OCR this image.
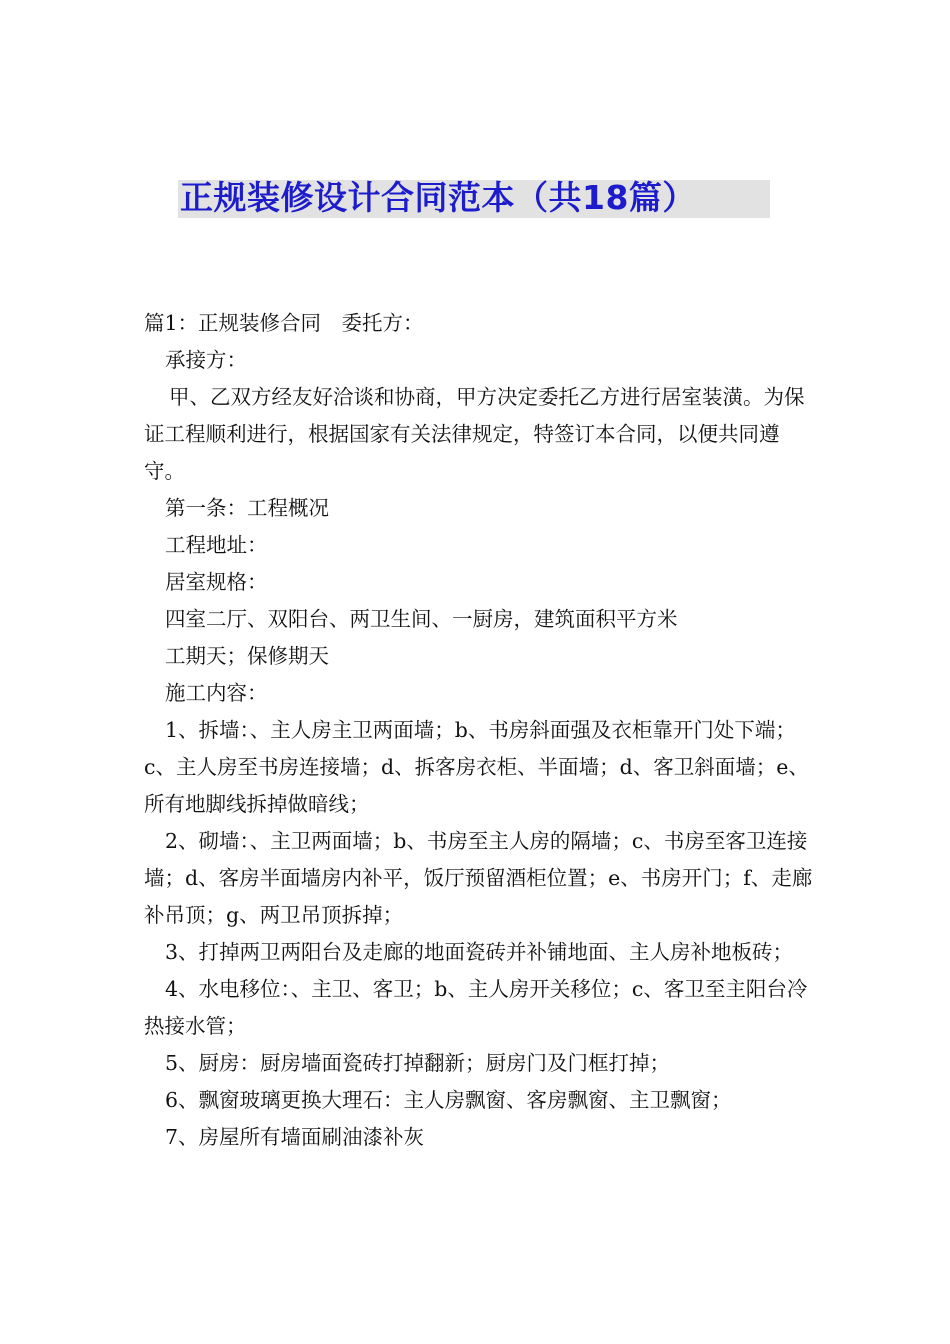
正规装修设计合同范本（共18篇）

篇1：正规装修合同　委托方：

承接方：

甲、乙双方经友好洽谈和协商，甲方决定委托乙方进行居室装潢。为保证工程顺利进行，根据国家有关法律规定，特签订本合同，以便共同遵守。

第一条：工程概况

工程地址：

居室规格：

四室二厅、双阳台、两卫生间、一厨房，建筑面积平方米

工期天；保修期天

施工内容：

1、拆墙：、主人房主卫两面墙；b、书房斜面强及衣柜靠开门处下端；c、主人房至书房连接墙；d、拆客房衣柜、半面墙；d、客卫斜面墙；e、所有地脚线拆掉做暗线；

2、砌墙：、主卫两面墙；b、书房至主人房的隔墙；c、书房至客卫连接墙；d、客房半面墙房内补平，饭厅预留酒柜位置；e、书房开门；f、走廊补吊顶；g、两卫吊顶拆掉；

3、打掉两卫两阳台及走廊的地面瓷砖并补铺地面、主人房补地板砖；

4、水电移位：、主卫、客卫；b、主人房开关移位；c、客卫至主阳台冷热接水管；

5、厨房：厨房墙面瓷砖打掉翻新；厨房门及门框打掉；

6、飘窗玻璃更换大理石：主人房飘窗、客房飘窗、主卫飘窗；

7、房屋所有墙面刷油漆补灰
